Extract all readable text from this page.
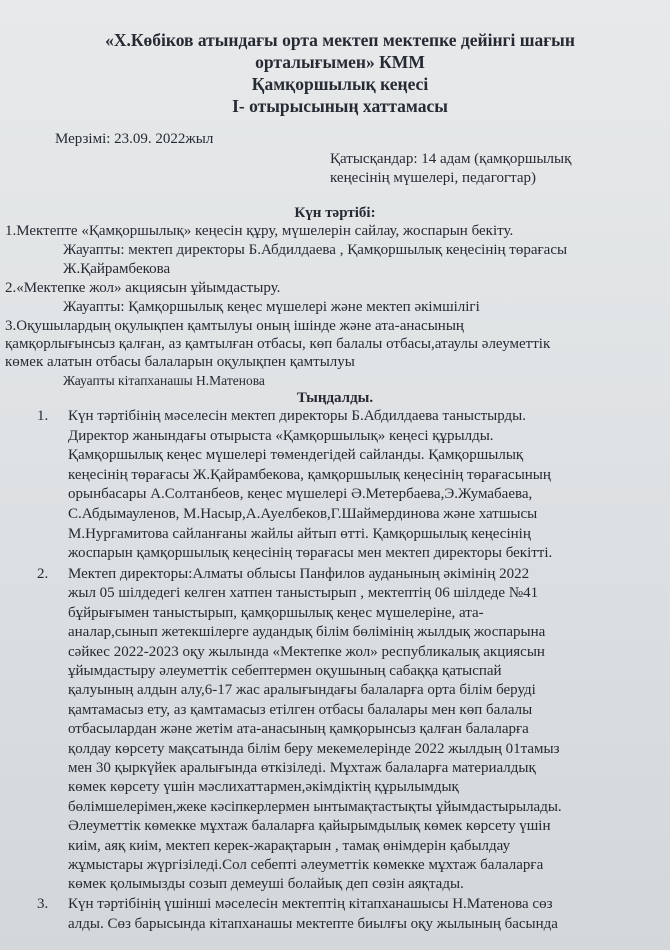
«Х.Көбіков атындағы орта мектеп мектепке дейінгі шағын
орталығымен» КММ
Қамқоршылық кеңесі
І- отырысының хаттамасы
Мерзімі: 23.09. 2022жыл
Қатысқандар: 14 адам (қамқоршылық
кеңесінің мүшелері, педагогтар)
Күн тәртібі:
1.Мектепте «Қамқоршылық» кеңесін құру, мүшелерін сайлау, жоспарын бекіту.
Жауапты: мектеп директоры Б.Абдилдаева , Қамқоршылық кеңесінің төрағасы
Ж.Қайрамбекова
2.«Мектепке жол» акциясын ұйымдастыру.
Жауапты: Қамқоршылық кеңес мүшелері және мектеп әкімшілігі
3.Оқушылардың оқулықпен қамтылуы оның ішінде және ата-анасының
қамқорлығынсыз қалған, аз қамтылған отбасы, көп балалы отбасы,атаулы әлеуметтік
көмек алатын отбасы балаларын оқулықпен қамтылуы
Жауапты кітапханашы Н.Матенова
Тыңдалды.
1. Күн тәртібінің мәселесін мектеп директоры Б.Абдилдаева таныстырды.
Директор жанындағы отырыста «Қамқоршылық» кеңесі құрылды.
Қамқоршылық кеңес мүшелері төмендегідей сайланды. Қамқоршылық
кеңесінің төрағасы Ж.Қайрамбекова, қамқоршылық кеңесінің төрағасының
орынбасары А.Солтанбеов, кеңес мүшелері Ә.Метербаева,Э.Жумабаева,
С.Абдымауленов, М.Насыр,А.Ауелбеков,Г.Шаймердинова және хатшысы
М.Нургамитова сайланғаны жайлы айтып өтті. Қамқоршылық кеңесінің
жоспарын қамқоршылық кеңесінің төрағасы мен мектеп директоры бекітті.
2. Мектеп директоры:Алматы облысы Панфилов ауданының әкімінің 2022
жыл 05 шілдедегі келген хатпен таныстырып , мектептің 06 шілдеде №41
бұйрығымен таныстырып, қамқоршылық кеңес мүшелеріне, ата-
аналар,сынып жетекшілерге аудандық білім бөлімінің жылдық жоспарына
сәйкес 2022-2023 оқу жылында «Мектепке жол» республикалық акциясын
ұйымдастыру әлеуметтік себептермен оқушының сабаққа қатыспай
қалуының алдын алу,6-17 жас аралығындағы балаларға орта білім беруді
қамтамасыз ету, аз қамтамасыз етілген отбасы балалары мен көп балалы
отбасылардан және жетім ата-анасының қамқорынсыз қалған балаларға
қолдау көрсету мақсатында білім беру мекемелерінде 2022 жылдың 01тамыз
мен 30 қыркүйек аралығында өткізіледі. Мұхтаж балаларға материалдық
көмек көрсету үшін мәслихаттармен,әкімдіктің құрылымдық
бөлімшелерімен,жеке кәсіпкерлермен ынтымақтастықты ұйымдастырылады.
Әлеуметтік көмекке мұхтаж балаларға қайырымдылық көмек көрсету үшін
киім, аяқ киім, мектеп керек-жарақтарын , тамақ өнімдерін қабылдау
жұмыстары жүргізіледі.Сол себепті әлеуметтік көмекке мұхтаж балаларға
көмек қолымызды созып демеуші болайық деп сөзін аяқтады.
3. Күн тәртібінің үшінші мәселесін мектептің кітапханашысы Н.Матенова сөз
алды. Сөз барысында кітапханашы мектепте биылғы оқу жылының басында
